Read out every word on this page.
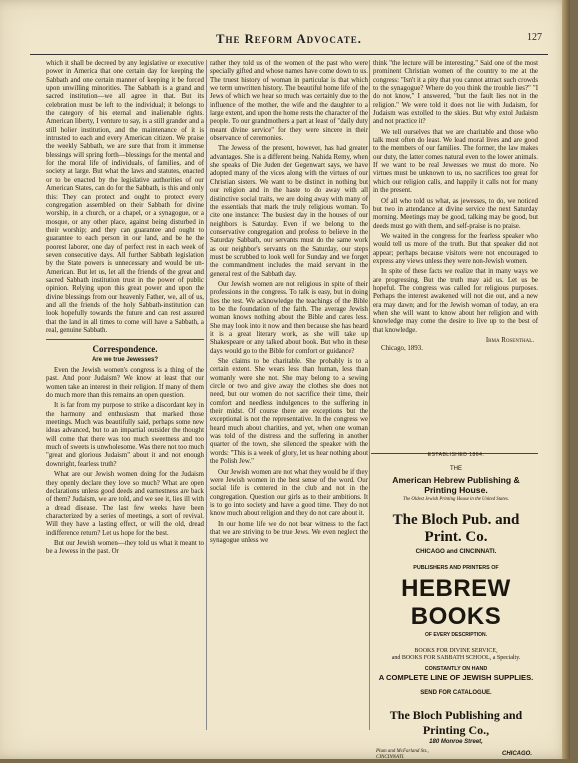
The Reform Advocate.	127

which it shall be decreed by any legislative or executive power in America that one certain day for keeping the Sabbath and one certain manner of keeping it be forced upon unwilling minorities. The Sabbath is a grand and sacred institution—we all agree in that. But its celebration must be left to the individual; it belongs to the category of his eternal and inalienable rights. American liberty, I venture to say, is a still grander and a still holier institution, and the maintenance of it is intrusted to each and every American citizen. We praise the weekly Sabbath, we are sure that from it immense blessings will spring forth—blessings for the mental and for the moral life of individuals, of families, and of society at large. But what the laws and statutes, enacted or to be enacted by the legislative authorities of our American States, can do for the Sabbath, is this and only this: They can protect and ought to protect every congregation assembled on their Sabbath for divine worship, in a church, or a chapel, or a synagogue, or a mosque, or any other place, against being disturbed in their worship; and they can guarantee and ought to guarantee to each person in our land, and be he the poorest laborer, one day of perfect rest in each week of seven consecutive days. All further Sabbath legislation by the State powers is unnecessary and would be un-American. But let us, let all the friends of the great and sacred Sabbath institution trust in the power of public opinion. Relying upon this great power and upon the divine blessings from our heavenly Father, we, all of us, and all the friends of the holy Sabbath-institution can look hopefully towards the future and can rest assured that the land in all times to come will have a Sabbath, a real, genuine Sabbath.

Correspondence.
Are we true Jewesses?

Even the Jewish women's congress is a thing of the past. And poor Judaism? We know at least that our women take an interest in their religion. If many of them do much more than this remains an open question.

It is far from my purpose to strike a discordant key in the harmony and enthusiasm that marked those meetings. Much was beautifully said, perhaps some new ideas advanced, but to an impartial outsider the thought will come that there was too much sweetness and too much of sweets is unwholesome. Was there not too much "great and glorious Judaism" about it and not enough downright, fearless truth?

What are our Jewish women doing for the Judaism they openly declare they love so much? What are open declarations unless good deeds and earnestness are back of them? Judaism, we are told, and we see it, lies ill with a dread disease. The last few weeks have been characterized by a series of meetings, a sort of revival. Will they have a lasting effect, or will the old, dread indifference return? Let us hope for the best.

But our Jewish women—they told us what it meant to be a Jewess in the past. Or

rather they told us of the women of the past who were specially gifted and whose names have come down to us. The truest history of woman in particular is that which we term unwritten history. The beautiful home life of the Jews of which we hear so much was certainly due to the influence of the mother, the wife and the daughter to a large extent, and upon the home rests the character of the people. To our grandmothers a part at least of "daily duty meant divine service" for they were sincere in their observance of ceremonies.

The Jewess of the present, however, has had greater advantages. She is a different being. Nahida Remy, when she speaks of Die Juden der Gegenwart says, we have adopted many of the vices along with the virtues of our Christian sisters. We want to be distinct in nothing but our religion and in the haste to do away with all distinctive social traits, we are doing away with many of the essentials that mark the truly religious woman. To cite one instance: The busiest day in the houses of our neighbors is Saturday. Even if we belong to the conservative congregation and profess to believe in the Saturday Sabbath, our servants must do the same work as our neighbor's servants on the Saturday, our steps must be scrubbed to look well for Sunday and we forget the commandment includes the maid servant in the general rest of the Sabbath day.

Our Jewish women are not religious in spite of their professions in the congress. To talk is easy, but in doing lies the test. We acknowledge the teachings of the Bible to be the foundation of the faith. The average Jewish woman knows nothing about the Bible and cares less. She may look into it now and then because she has heard it is a great literary work, as she will take up Shakespeare or any talked about book. But who in these days would go to the Bible for comfort or guidance?

She claims to be charitable. She probably is to a certain extent. She wears less than human, less than womanly were she not. She may belong to a sewing circle or two and give away the clothes she does not need, but our women do not sacrifice their time, their comfort and needless indulgences to the suffering in their midst. Of course there are exceptions but the exceptional is not the representative. In the congress we heard much about charities, and yet, when one woman was told of the distress and the suffering in another quarter of the town, she silenced the speaker with the words: "This is a week of glory, let us hear nothing about the Polish Jew."

Our Jewish women are not what they would be if they were Jewish women in the best sense of the word. Our social life is centered in the club and not in the congregation. Question our girls as to their ambitions. It is to go into society and have a good time. They do not know much about religion and they do not care about it.

In our home life we do not bear witness to the fact that we are striving to be true Jews. We even neglect the synagogue unless we

think "the lecture will be interesting." Said one of the most prominent Christian women of the country to me at the congress: "Isn't it a pity that you cannot attract such crowds to the synagogue? Where do you think the trouble lies?" "I do not know," I answered, "but the fault lies not in the religion." We were told it does not lie with Judaism, for Judaism was extolled to the skies. But why extol Judaism and not practice it?

We tell ourselves that we are charitable and those who talk most often do least. We lead moral lives and are good to the members of our families. The former, the law makes our duty, the latter comes natural even to the lower animals. If we want to be real Jewesses we must do more. No virtues must be unknown to us, no sacrifices too great for which our religion calls, and happily it calls not for many in the present.

Of all who told us what, as jewesses, to do, we noticed but two in attendance at divine service the next Saturday morning. Meetings may be good, talking may be good, but deeds must go with them, and self-praise is no praise.

We waited in the congress for the fearless speaker who would tell us more of the truth. But that speaker did not appear; perhaps because visitors were not encouraged to express any views unless they were non-Jewish women.

In spite of these facts we realize that in many ways we are progressing. But the truth may aid us. Let us be hopeful. The congress was called for religious purposes. Perhaps the interest awakened will not die out, and a new era may dawn; and for the Jewish woman of today, an era when she will want to know about her religion and with knowledge may come the desire to live up to the best of that knowledge.

Irma Rosenthal.
Chicago, 1893.
ESTABLISHED 1864.
THE
American Hebrew Publishing & Printing House.
The Oldest Jewish Printing House in the United States.
The Bloch Pub. and Print. Co.
CHICAGO and CINCINNATI.
PUBLISHERS AND PRINTERS OF
HEBREW BOOKS
OF EVERY DESCRIPTION.
BOOKS FOR DIVINE SERVICE,
and BOOKS FOR SABBATH SCHOOL, a Specialty.
CONSTANTLY ON HAND
A COMPLETE LINE OF JEWISH SUPPLIES.
SEND FOR CATALOGUE.
The Bloch Publishing and Printing Co.,
180 Monroe Street,
Plum and McFarland Sts.,
CINCINNATI.
CHICAGO.
